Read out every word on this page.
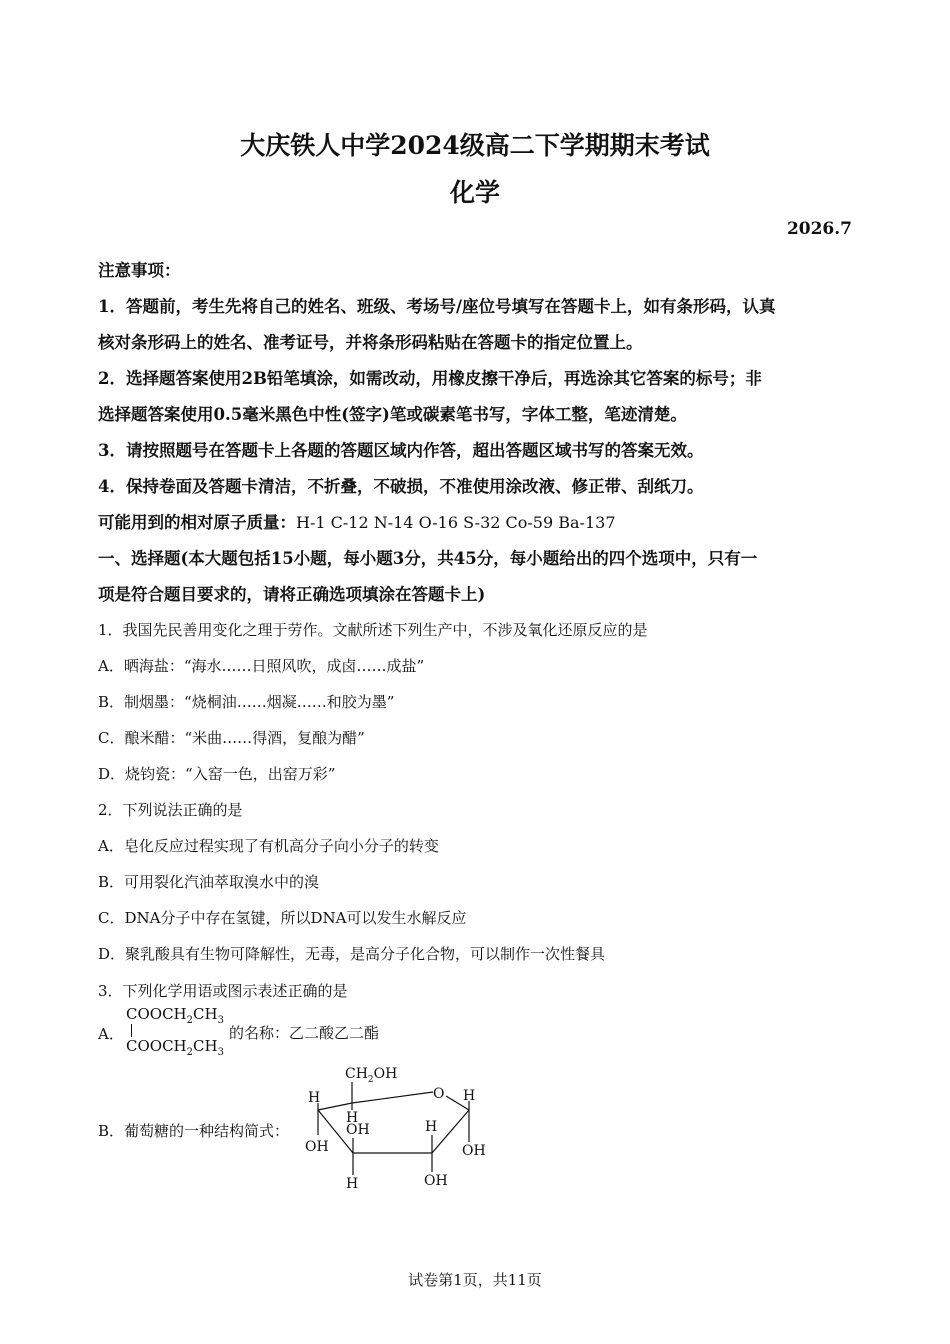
大庆铁人中学2024级高二下学期期末考试
化学
2026.7
注意事项：
1．答题前，考生先将自己的姓名、班级、考场号/座位号填写在答题卡上，如有条形码，认真
核对条形码上的姓名、准考证号，并将条形码粘贴在答题卡的指定位置上。
2．选择题答案使用2B铅笔填涂，如需改动，用橡皮擦干净后，再选涂其它答案的标号；非
选择题答案使用0.5毫米黑色中性(签字)笔或碳素笔书写，字体工整，笔迹清楚。
3．请按照题号在答题卡上各题的答题区域内作答，超出答题区域书写的答案无效。
4．保持卷面及答题卡清洁，不折叠，不破损，不准使用涂改液、修正带、刮纸刀。
可能用到的相对原子质量：H-1 C-12 N-14 O-16 S-32 Co-59 Ba-137
一、选择题(本大题包括15小题，每小题3分，共45分，每小题给出的四个选项中，只有一
项是符合题目要求的，请将正确选项填涂在答题卡上)
1．我国先民善用变化之理于劳作。文献所述下列生产中，不涉及氧化还原反应的是
A．晒海盐：“海水……日照风吹，成卤……成盐”
B．制烟墨：“烧桐油……烟凝……和胶为墨”
C．酿米醋：“米曲……得酒，复酿为醋”
D．烧钧瓷：“入窑一色，出窑万彩”
2．下列说法正确的是
A．皂化反应过程实现了有机高分子向小分子的转变
B．可用裂化汽油萃取溴水中的溴
C．DNA分子中存在氢键，所以DNA可以发生水解反应
D．聚乳酸具有生物可降解性，无毒，是高分子化合物，可以制作一次性餐具
3．下列化学用语或图示表述正确的是
A．
$COOCH_2CH_3$
$COOCH_2CH_3$
的名称：乙二酸乙二酯
B．葡萄糖的一种结构简式：
$CH_2OH$
O H
H
H
OH	H
OH	OH
H	OH
试卷第1页，共11页
